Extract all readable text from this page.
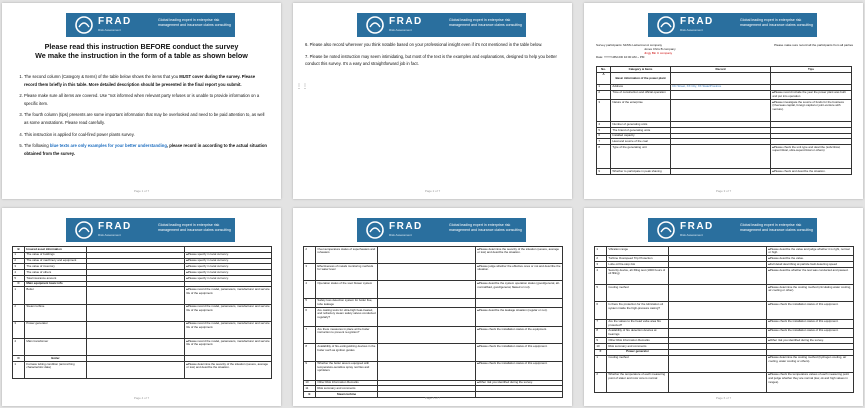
FRAD
Risk Assessment
Global leading expert in enterprise risk management and insurance claims consulting
Please read this instruction BEFORE conduct the survey
We make the instruction in the form of a table as shown below
1. The second column (Category & Items) of the table below shows the items that you MUST cover during the survey. Please record them briefly in this table. More detailed description should be presented in the final report you submit.
2. Please make sure all items are covered. Use "not informed when relevant party refuses or is unable to provide information on a specific item.
3. The fourth column (tips) presents are some important information that may be overlooked and need to be paid attention to, as well as some annotations. Please read carefully.
4. This instruction is applied for coal-fired power plants survey.
5. The following blue texts are only examples for your better understanding, please record in according to the actual situation obtained from the survey.
Page 1 of 7
FRAD
Risk Assessment
Global leading expert in enterprise risk management and insurance claims consulting
⋮⋮

6. Please also record wherever you think notable based on your professional insight even if it's not mentioned in the table below.

7. Please be noted instruction may seem intimidating, but most of the text is the examples and explanations, designed to help you better conduct this survey. It's a easy and straightforward job in fact.

Page 2 of 7
FRAD
Risk Assessment
Global leading expert in enterprise risk management and insurance claims consulting
Survey participants: Mr/Ms Lieberman A company	Please make sure record all the participants from all parties
Jones Chris B company
Jingy Bin C company
Date: YYYY-MM-DD 10:00 AM ~ PM
No.	Category & Items	Record	Tips
A	Basic information of the power plant		
1	Address	DC Street, XX City, XX State/Province	
2	Time of construction and official operation		■ Please record include the year the power plant was built and put into operation
3	Nature of the enterprise		■ Please investigate the source of funds for the business (Overseas capital, foreign capital or joint-venture with venture).
4	Number of generating units		
5	The brand of generating units		
6	Installed capacity		
7	Heat and source of the coal		
8	Type of the generating unit		■ Please check the unit type and describe (subcritical, supercritical, ultra-supercritical or others)
9	Whether to participate in peak shaving		■ Please check and describe the situation.
Page 3 of 7
FRAD
Risk Assessment
Global leading expert in enterprise risk management and insurance claims consulting
B	Insured asset information		
1	The value of buildings		■ Please specify in local currency.
2	The value of machinery and equipment		■ Please specify in local currency.
3	The value of inventory		■ Please specify in local currency.
4	The value of others		■ Please specify in local currency.
5	Total insurance amount		■ Please specify in local currency.
C	Main equipment basic info		
1	Boiler		■ Please record the model, parameters, manufacturer and service life of the equipment.
2	Steam turbine		■ Please record the model, parameters, manufacturer and service life of the equipment.
3	Power generator		■ Please record the model, parameters, manufacturer and service life of the equipment.
4	Main transformer		■ Please record the model, parameters, manufacturer and service life of the equipment.
D	Boiler		
1	Furnace tubing condition (anti-inching characteristic data)		■ Please determine the severity of the situation (severe, average or low) and describe the situation.
Page 4 of 7
FRAD
Risk Assessment
Global leading expert in enterprise risk management and insurance claims consulting
2	Over-temperature status of superheaters and reheaters		■ Please determine the severity of the situation (severe, average or low) and describe the situation.
3	Effectiveness of metals monitoring methods for water level		■ Please judge whether the effective ones or not and describe the situation.
4	Operation status of the soot blower system		■ Please describe the system operation status (good/general, all-normal/bad, good/general, flawed or not).
5	Safety loss detection system for boiler flue, tube leakage		
6	Are casting tools for ultra-high heat-treated, and refractory steam safety valves conducted regularly?		■ Please describe the leakage situation (regular or not).
7	Are there measures in place at the boiler instruction to prevent re-ignition?		■ Please check the installation status of the equipment.
8	Availability of fire-extinguishing devices in the boiler such as ignition guides		■ Please check the installation status of this equipment.
9	Whether the boiler area is equipped with temperature-sensitive spray nozzles and sprinklers		■ Please check the installation status of this equipment.
10	Other Risk Information Remarks		■ Other risk you identified during the survey.
11	Risk summary and comments		
E	Steam turbine		
Page 5 of 7
FRAD
Risk Assessment
Global leading expert in enterprise risk management and insurance claims consulting
1	Vibration range		■ Please describe the value and judge whether it is right, normal or high.
2	Turbine Overspeed Trip Protection		■ Please describe the value.
3	Lube oil fire-stop risk		■ Full detail describing at particle fault detecting speed
4	Security device, ah filling test (1000 hours of oil filling)		■ Please describe whether the test was conducted and passed.
5	Cooling method		■ Please determine the cooling method (circulating water cooling, air cooling or other).
6	Is there fire protection for the lubrication oil system inside the high-pressure casing?		■ Please check the installation status of this equipment.
7	Are the valves to the head valve area fire protected?		■ Please check the installation status of this equipment.
8	Availability of fire detection devices at bearings		■ Please check the installation status of this equipment.
9	Other Risk Information Remarks		■ Other risk you identified during the survey.
10	Risk summary and comments		
F	Power generator		
1	Cooling method		■ Please determine the cooling method (hydrogen cooling, air cooling, water cooling or others).
2	Whether the temperature of each measuring point of stator and rotor core is normal		■ Please check the temperature values of each measuring point and judge whether they are normal (low, ok and high values in ranges).
Page 6 of 7
